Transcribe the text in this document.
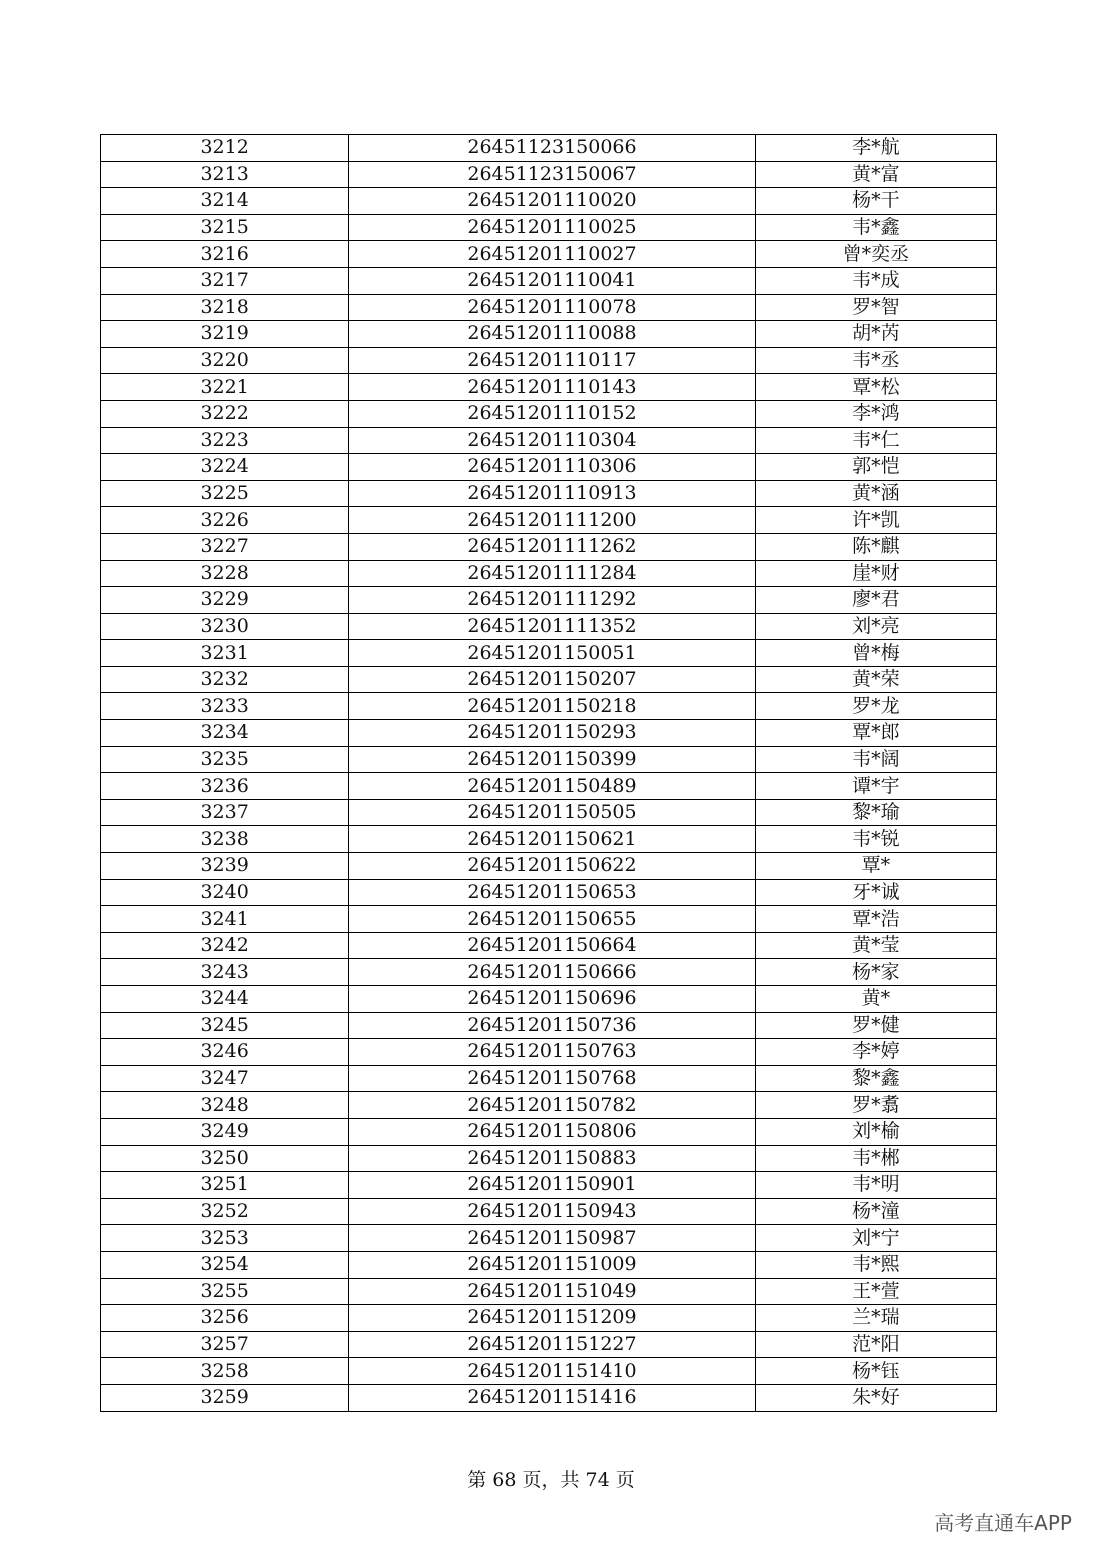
3212	26451123150066	李*航
3213	26451123150067	黄*富
3214	26451201110020	杨*干
3215	26451201110025	韦*鑫
3216	26451201110027	曾*奕丞
3217	26451201110041	韦*成
3218	26451201110078	罗*智
3219	26451201110088	胡*芮
3220	26451201110117	韦*丞
3221	26451201110143	覃*松
3222	26451201110152	李*鸿
3223	26451201110304	韦*仁
3224	26451201110306	郭*恺
3225	26451201110913	黄*涵
3226	26451201111200	许*凯
3227	26451201111262	陈*麒
3228	26451201111284	崖*财
3229	26451201111292	廖*君
3230	26451201111352	刘*亮
3231	26451201150051	曾*梅
3232	26451201150207	黄*荣
3233	26451201150218	罗*龙
3234	26451201150293	覃*郎
3235	26451201150399	韦*阔
3236	26451201150489	谭*宇
3237	26451201150505	黎*瑜
3238	26451201150621	韦*锐
3239	26451201150622	覃*
3240	26451201150653	牙*诚
3241	26451201150655	覃*浩
3242	26451201150664	黄*莹
3243	26451201150666	杨*家
3244	26451201150696	黄*
3245	26451201150736	罗*健
3246	26451201150763	李*婷
3247	26451201150768	黎*鑫
3248	26451201150782	罗*翥
3249	26451201150806	刘*榆
3250	26451201150883	韦*郴
3251	26451201150901	韦*明
3252	26451201150943	杨*潼
3253	26451201150987	刘*宁
3254	26451201151009	韦*熙
3255	26451201151049	王*萱
3256	26451201151209	兰*瑞
3257	26451201151227	范*阳
3258	26451201151410	杨*钰
3259	26451201151416	朱*好
第 68 页，共 74 页
高考直通车APP
